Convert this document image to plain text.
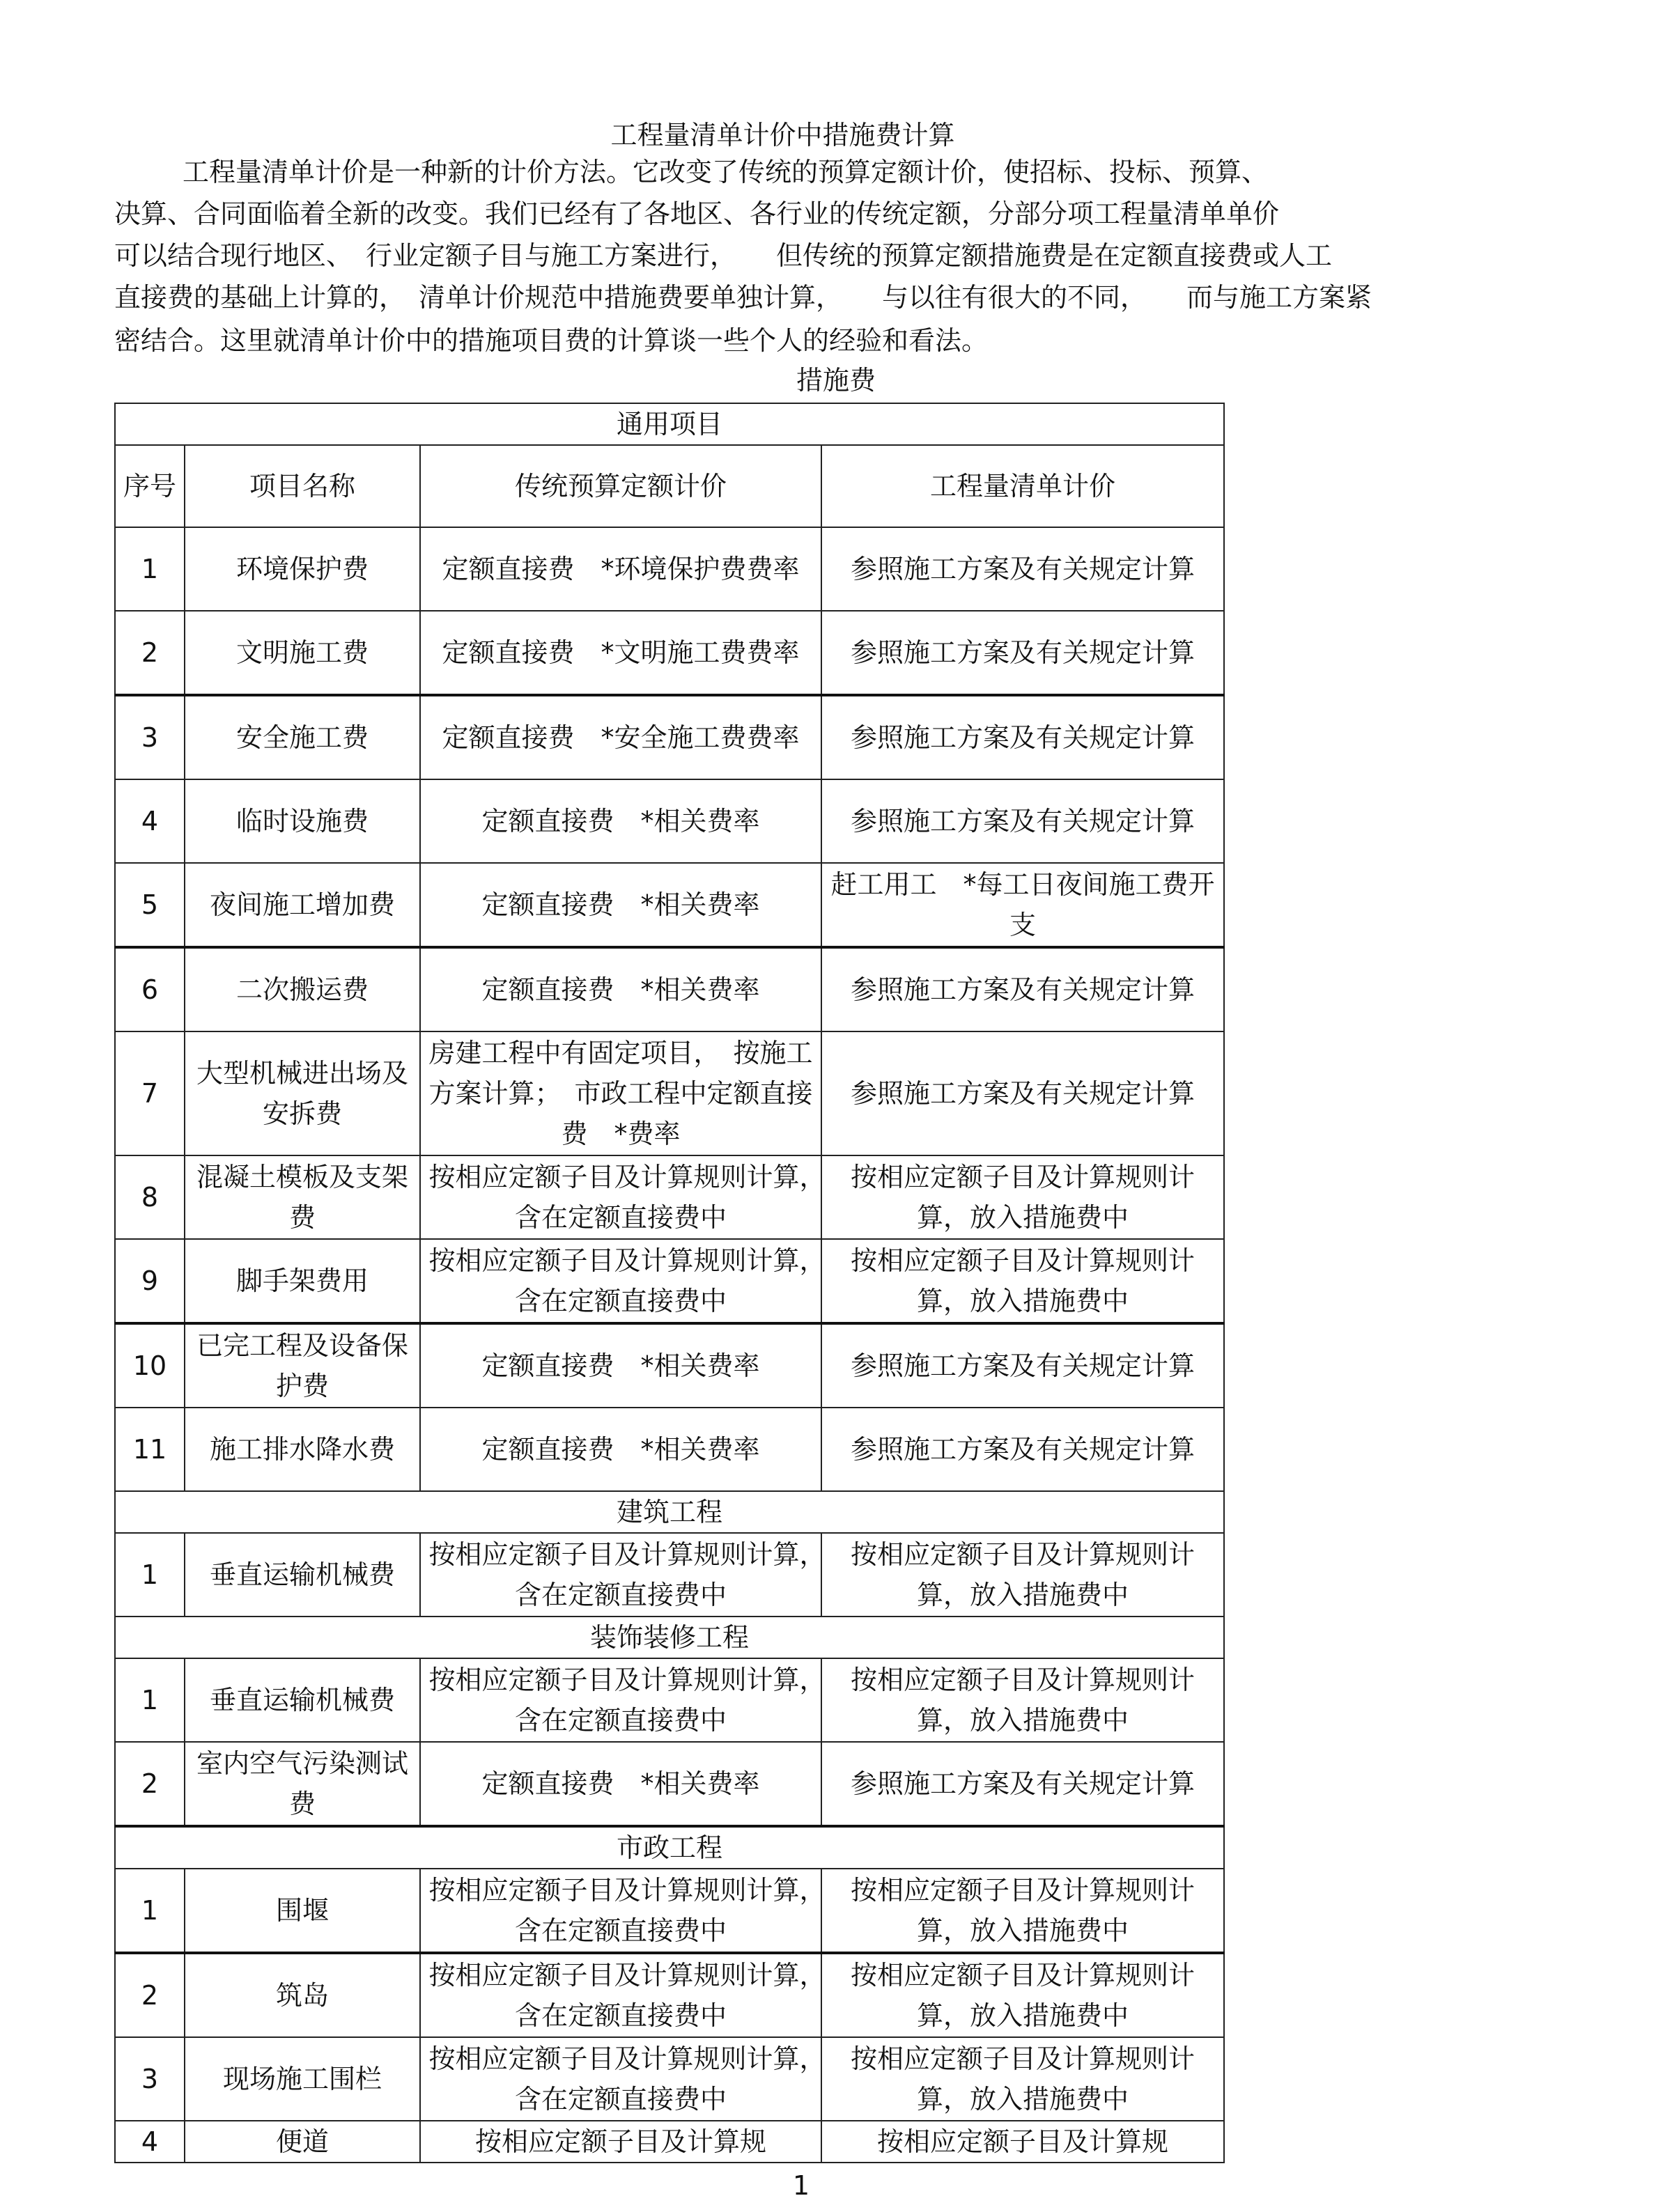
工程量清单计价中措施费计算
工程量清单计价是一种新的计价方法。它改变了传统的预算定额计价，使招标、投标、预算、
决算、合同面临着全新的改变。我们已经有了各地区、各行业的传统定额，分部分项工程量清单单价
可以结合现行地区、　行业定额子目与施工方案进行，　　但传统的预算定额措施费是在定额直接费或人工
直接费的基础上计算的，　清单计价规范中措施费要单独计算，　　与以往有很大的不同，　　而与施工方案紧
密结合。这里就清单计价中的措施项目费的计算谈一些个人的经验和看法。
措施费
通用项目			
序号	项目名称	传统预算定额计价	工程量清单计价
1	环境保护费	定额直接费　*环境保护费费率	参照施工方案及有关规定计算
2	文明施工费	定额直接费　*文明施工费费率	参照施工方案及有关规定计算
3	安全施工费	定额直接费　*安全施工费费率	参照施工方案及有关规定计算
4	临时设施费	定额直接费　*相关费率	参照施工方案及有关规定计算
5	夜间施工增加费	定额直接费　*相关费率	赶工用工　*每工日夜间施工费开支
6	二次搬运费	定额直接费　*相关费率	参照施工方案及有关规定计算
7	大型机械进出场及安拆费	房建工程中有固定项目，　按施工方案计算；　市政工程中定额直接费　*费率	参照施工方案及有关规定计算
8	混凝土模板及支架费	按相应定额子目及计算规则计算，　含在定额直接费中	按相应定额子目及计算规则计算，放入措施费中
9	脚手架费用	按相应定额子目及计算规则计算，　含在定额直接费中	按相应定额子目及计算规则计算，放入措施费中
10	已完工程及设备保护费	定额直接费　*相关费率	参照施工方案及有关规定计算
11	施工排水降水费	定额直接费　*相关费率	参照施工方案及有关规定计算
建筑工程			
1	垂直运输机械费	按相应定额子目及计算规则计算，　含在定额直接费中	按相应定额子目及计算规则计算，放入措施费中
装饰装修工程			
1	垂直运输机械费	按相应定额子目及计算规则计算，　含在定额直接费中	按相应定额子目及计算规则计算，放入措施费中
2	室内空气污染测试费	定额直接费　*相关费率	参照施工方案及有关规定计算
市政工程			
1	围堰	按相应定额子目及计算规则计算，　含在定额直接费中	按相应定额子目及计算规则计算，放入措施费中
2	筑岛	按相应定额子目及计算规则计算，　含在定额直接费中	按相应定额子目及计算规则计算，放入措施费中
3	现场施工围栏	按相应定额子目及计算规则计算，　含在定额直接费中	按相应定额子目及计算规则计算，放入措施费中
4	便道	按相应定额子目及计算规	按相应定额子目及计算规
1
